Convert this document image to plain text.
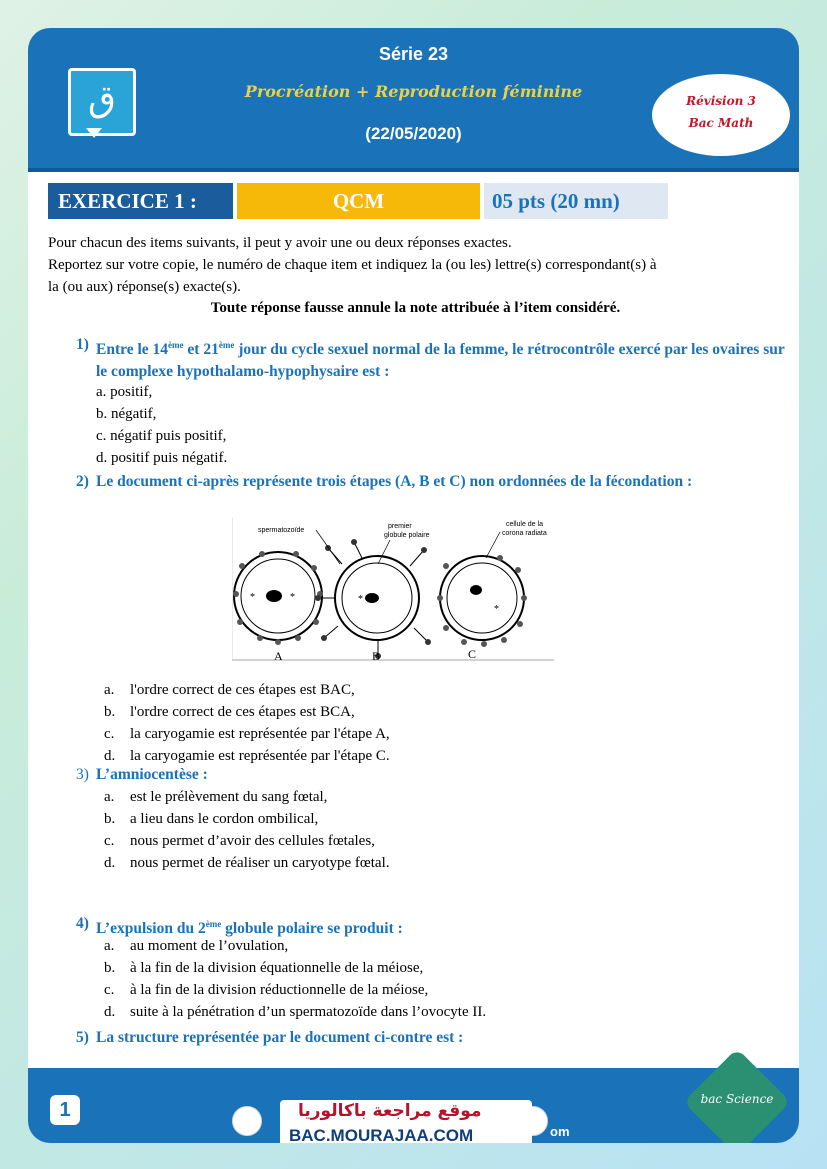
ق
Série 23
Procréation + Reproduction féminine
(22/05/2020)
Révision 3
Bac Math
EXERCICE 1 :	QCM	05 pts (20 mn)
Pour chacun des items suivants, il peut y avoir une ou deux réponses exactes.
Reportez sur votre copie, le numéro de chaque item et indiquez la (ou les) lettre(s) correspondant(s) à
la (ou aux) réponse(s) exacte(s).
Toute réponse fausse annule la note attribuée à l’item considéré.
1) Entre le 14ème et 21ème jour du cycle sexuel normal de la femme, le rétrocontrôle exercé par les ovaires sur le complexe hypothalamo-hypophysaire est :
a. positif,
b. négatif,
c. négatif puis positif,
d. positif puis négatif.
2) Le document ci-après représente trois étapes (A, B et C) non ordonnées de la fécondation :
*	*	*
*
spermatozoïde
premier
globule polaire
cellule de la
corona radiata
A	B	C
a. l'ordre correct de ces étapes est BAC,
b. l'ordre correct de ces étapes est BCA,
c. la caryogamie est représentée par l'étape A,
d. la caryogamie est représentée par l'étape C.
3) L’amniocentèse :
a. est le prélèvement du sang fœtal,
b. a lieu dans le cordon ombilical,
c. nous permet d’avoir des cellules fœtales,
d. nous permet de réaliser un caryotype fœtal.
4) L’expulsion du 2ème globule polaire se produit :
a. au moment de l’ovulation,
b. à la fin de la division équationnelle de la méiose,
c. à la fin de la division réductionnelle de la méiose,
d. suite à la pénétration d’un spermatozoïde dans l’ovocyte II.
5) La structure représentée par le document ci-contre est :
1	موقع مراجعة باكالوريا
BAC.MOURAJAA.COM	om
bac Science
